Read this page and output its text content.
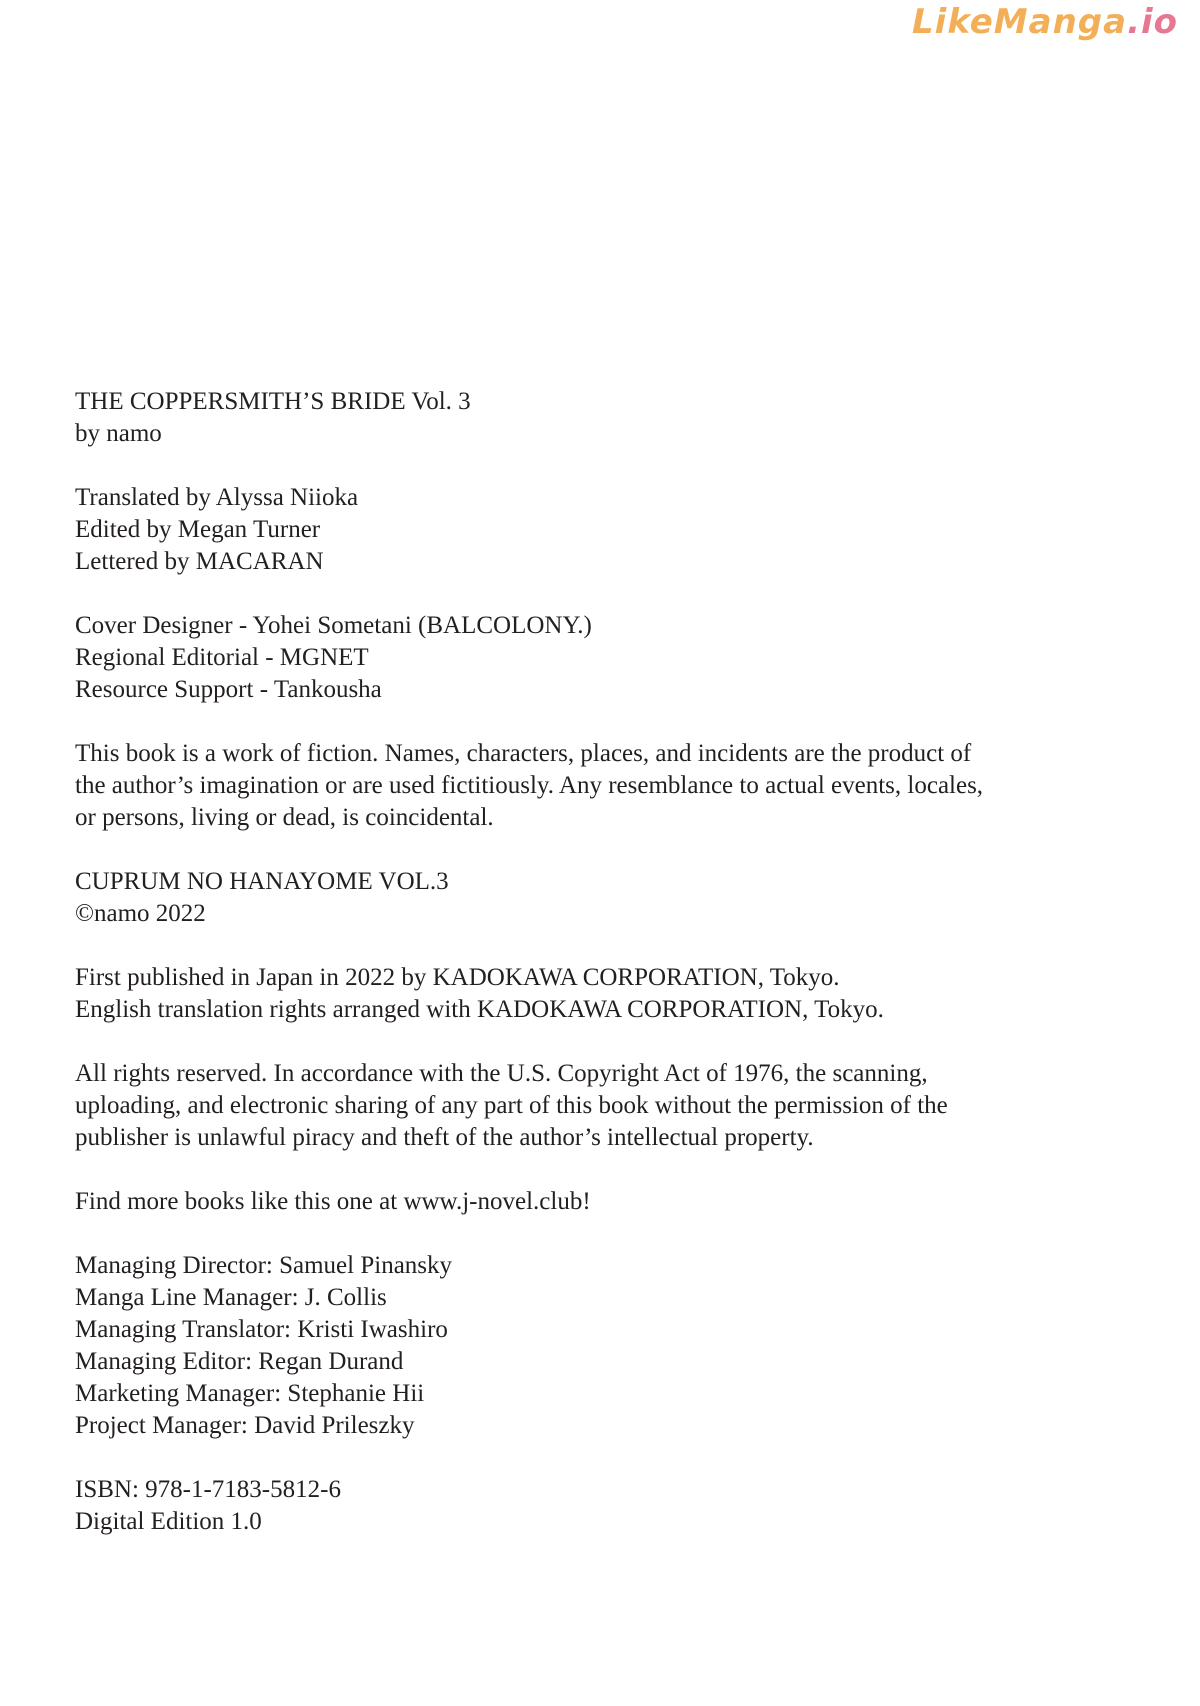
LikeManga.io
THE COPPERSMITH’S BRIDE Vol. 3
by namo
Translated by Alyssa Niioka
Edited by Megan Turner
Lettered by MACARAN
Cover Designer - Yohei Sometani (BALCOLONY.)
Regional Editorial - MGNET
Resource Support - Tankousha
This book is a work of fiction. Names, characters, places, and incidents are the product of
the author’s imagination or are used fictitiously. Any resemblance to actual events, locales,
or persons, living or dead, is coincidental.
CUPRUM NO HANAYOME VOL.3
©namo 2022
First published in Japan in 2022 by KADOKAWA CORPORATION, Tokyo.
English translation rights arranged with KADOKAWA CORPORATION, Tokyo.
All rights reserved. In accordance with the U.S. Copyright Act of 1976, the scanning,
uploading, and electronic sharing of any part of this book without the permission of the
publisher is unlawful piracy and theft of the author’s intellectual property.
Find more books like this one at www.j-novel.club!
Managing Director: Samuel Pinansky
Manga Line Manager: J. Collis
Managing Translator: Kristi Iwashiro
Managing Editor: Regan Durand
Marketing Manager: Stephanie Hii
Project Manager: David Prileszky
ISBN: 978-1-7183-5812-6
Digital Edition 1.0
